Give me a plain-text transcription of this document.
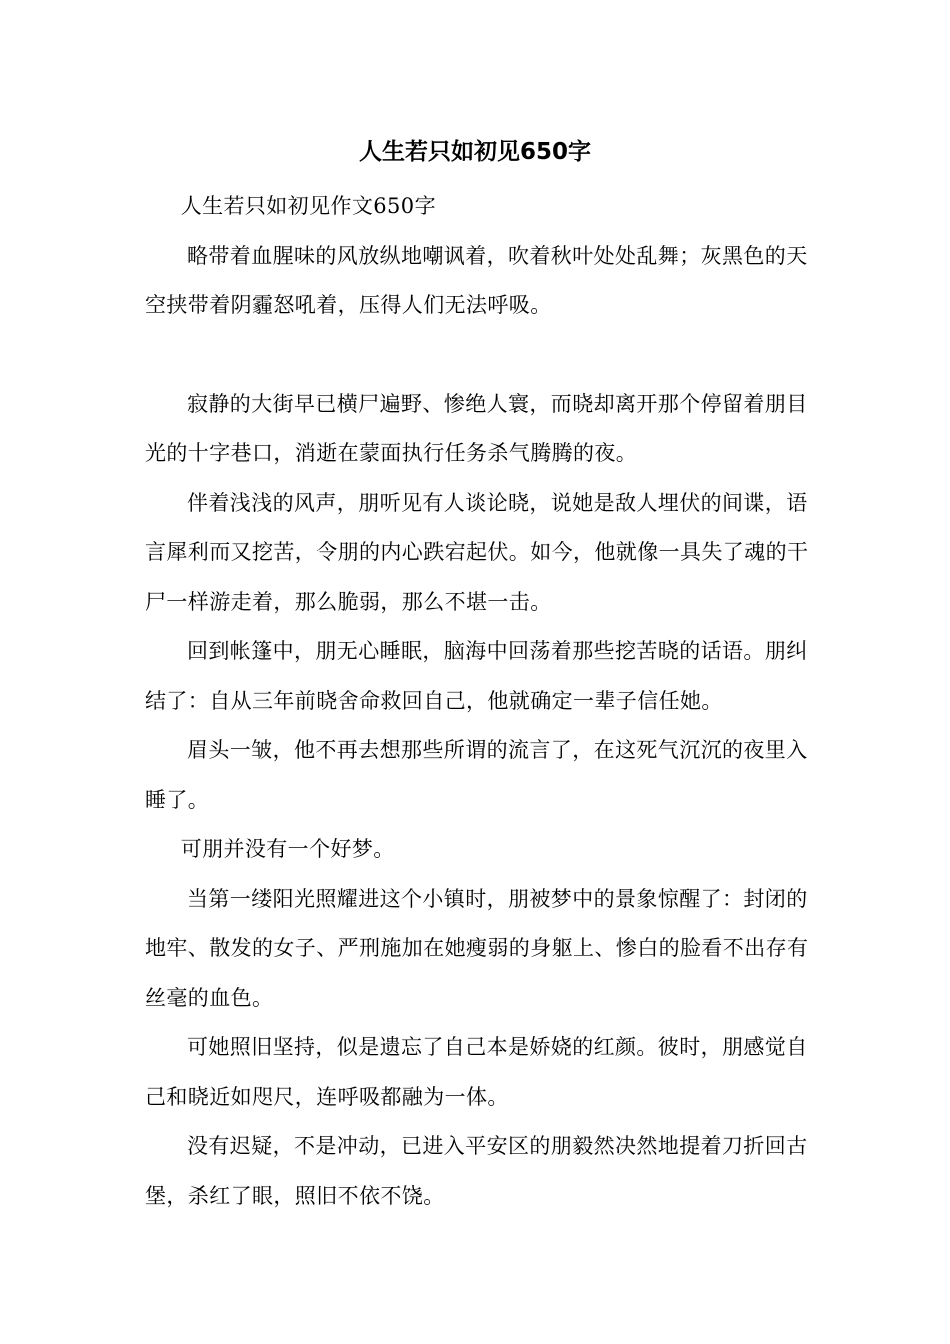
人生若只如初见650字

人生若只如初见作文650字

略带着血腥味的风放纵地嘲讽着，吹着秋叶处处乱舞；灰黑色的天空挟带着阴霾怒吼着，压得人们无法呼吸。

寂静的大街早已横尸遍野、惨绝人寰，而晓却离开那个停留着朋目光的十字巷口，消逝在蒙面执行任务杀气腾腾的夜。

伴着浅浅的风声，朋听见有人谈论晓，说她是敌人埋伏的间谍，语言犀利而又挖苦，令朋的内心跌宕起伏。如今，他就像一具失了魂的干尸一样游走着，那么脆弱，那么不堪一击。

回到帐篷中，朋无心睡眠，脑海中回荡着那些挖苦晓的话语。朋纠结了：自从三年前晓舍命救回自己，他就确定一辈子信任她。

眉头一皱，他不再去想那些所谓的流言了，在这死气沉沉的夜里入睡了。

可朋并没有一个好梦。

当第一缕阳光照耀进这个小镇时，朋被梦中的景象惊醒了：封闭的地牢、散发的女子、严刑施加在她瘦弱的身躯上、惨白的脸看不出存有丝毫的血色。

可她照旧坚持，似是遗忘了自己本是娇娆的红颜。彼时，朋感觉自己和晓近如咫尺，连呼吸都融为一体。

没有迟疑，不是冲动，已进入平安区的朋毅然决然地提着刀折回古堡，杀红了眼，照旧不依不饶。
